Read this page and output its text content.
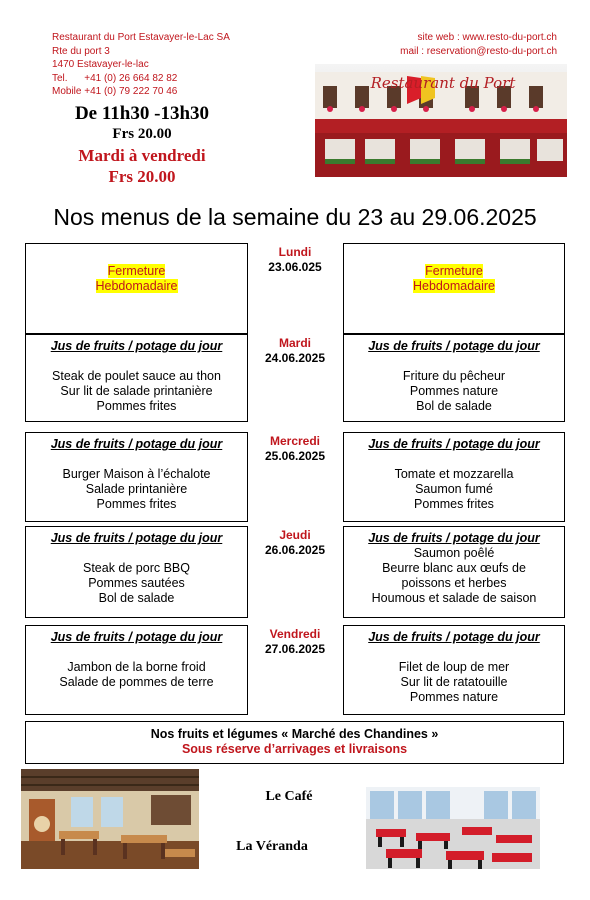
Restaurant du Port Estavayer-le-Lac SA
Rte du port 3
1470 Estavayer-le-lac
Tel.      +41 (0) 26 664 82 82
Mobile +41 (0) 79 222 70 46
site web : www.resto-du-port.ch
mail : reservation@resto-du-port.ch
De 11h30 -13h30
Frs 20.00
Mardi à vendredi
Frs 20.00
Restaurant du Port
Nos menus de la semaine du 23 au 29.06.2025
Fermeture
Hebdomadaire
Fermeture
Hebdomadaire
Lundi
23.06.025
Jus de fruits / potage du jour
Steak de poulet sauce au thon
Sur lit de salade printanière
Pommes frites
Jus de fruits / potage du jour
Friture du pêcheur
Pommes nature
Bol de salade
Mardi
24.06.2025
Jus de fruits / potage du jour
Burger Maison à l’échalote
Salade printanière
Pommes frites
Jus de fruits / potage du jour
Tomate et mozzarella
Saumon fumé
Pommes frites
Mercredi
25.06.2025
Jus de fruits / potage du jour
Steak de porc BBQ
Pommes sautées
Bol de salade
Jus de fruits / potage du jour
Saumon poêlé
Beurre blanc aux œufs de
poissons et herbes
Houmous et salade de saison
Jeudi
26.06.2025
Jus de fruits / potage du jour
Jambon de la borne froid
Salade de pommes de terre
Jus de fruits / potage du jour
Filet de loup de mer
Sur lit de ratatouille
Pommes nature
Vendredi
27.06.2025
Nos fruits et légumes « Marché des Chandines »
Sous réserve d’arrivages et livraisons
Le Café
La Véranda
